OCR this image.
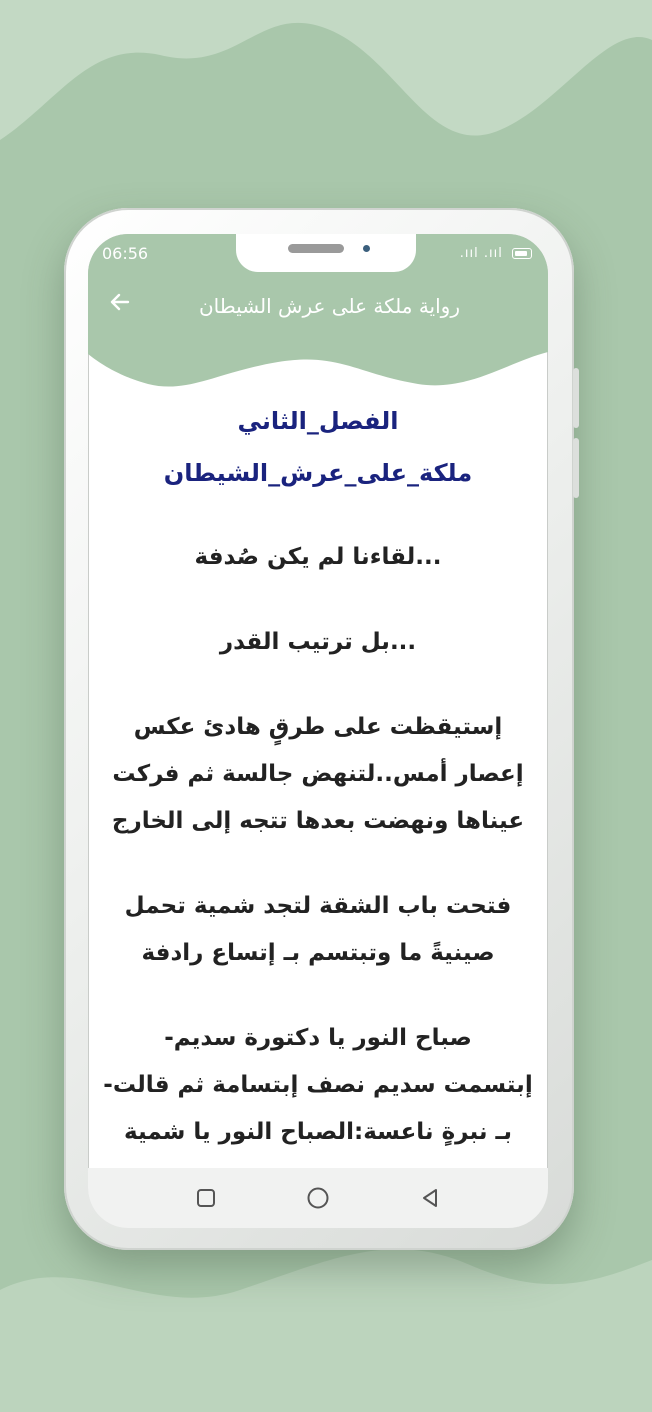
06:56	.ııl .ııl
رواية ملكة على عرش الشيطان
الفصل_الثاني
ملكة_على_عرش_الشيطان
...لقاءنا لم يكن صُدفة
...بل ترتيب القدر
إستيقظت على طرقٍ هادئ عكس إعصار أمس..لتنهض جالسة ثم فركت عيناها ونهضت بعدها تتجه إلى الخارج
فتحت باب الشقة لتجد شمية تحمل صينيةً ما وتبتسم بـ إتساع رادفة
صباح النور يا دكتورة سديم-
إبتسمت سديم نصف إبتسامة ثم قالت-
بـ نبرةٍ ناعسة:الصباح النور يا شمية
